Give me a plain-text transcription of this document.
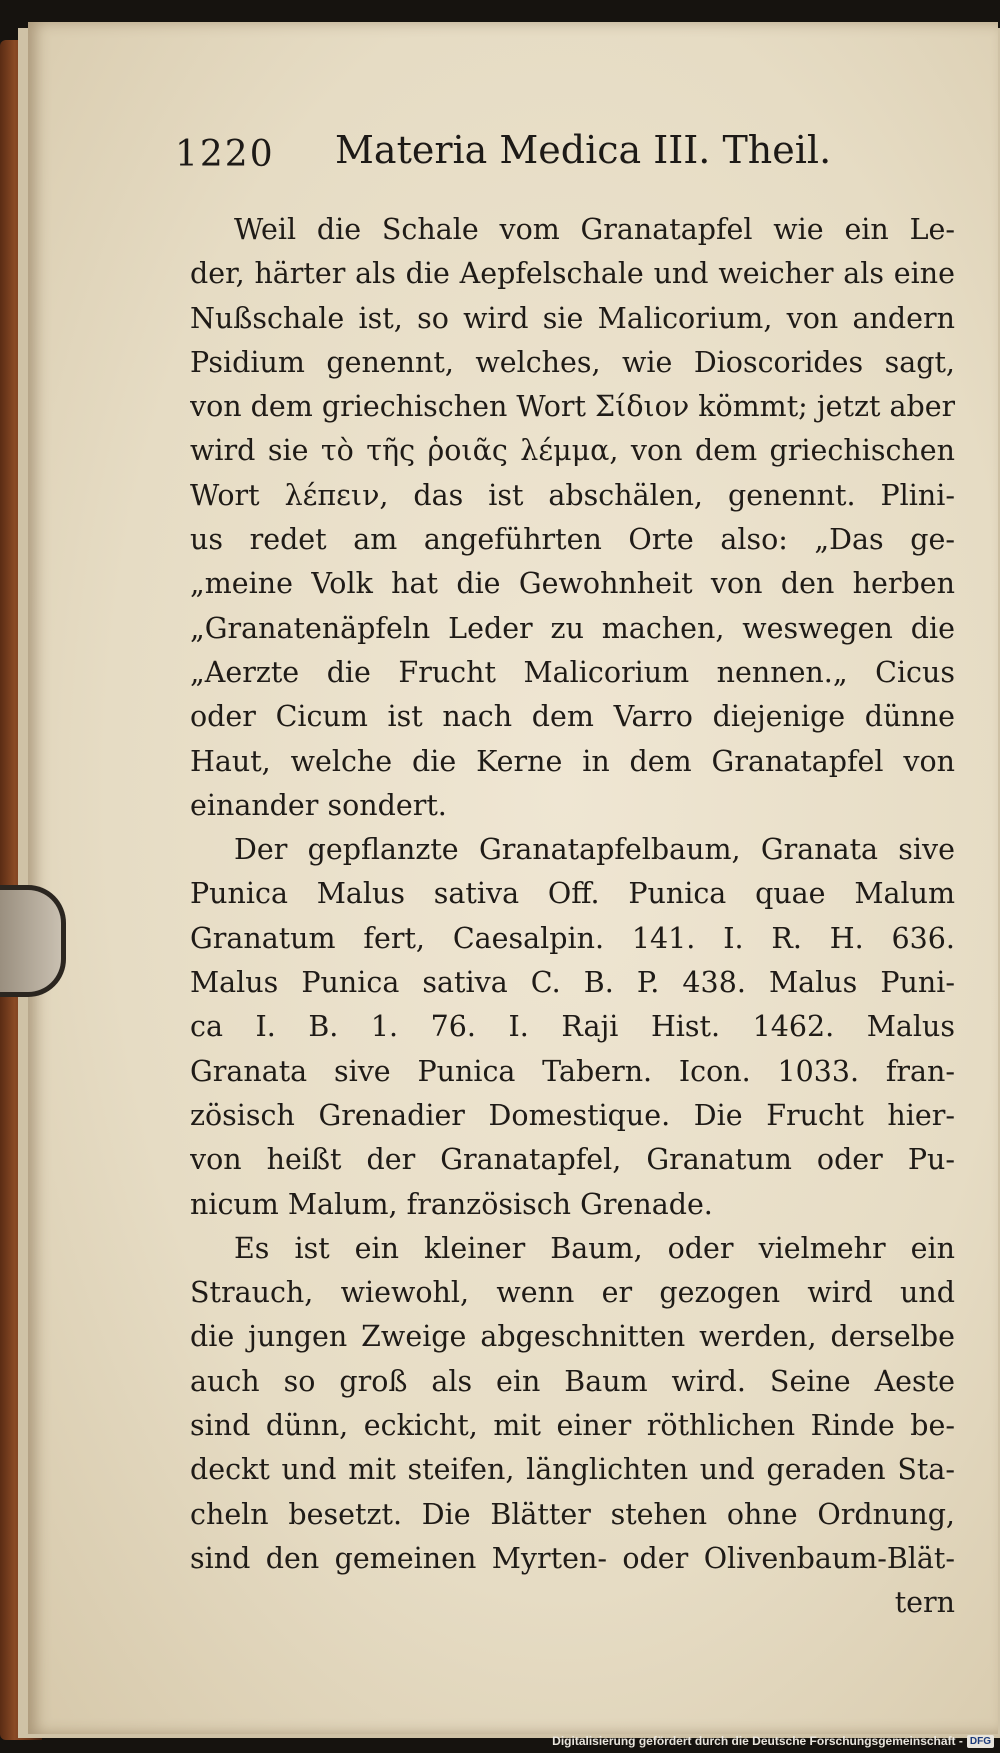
1220 Materia Medica III. Theil.
Weil die Schale vom Granatapfel wie ein Le-
der, härter als die Aepfelschale und weicher als eine
Nußschale ist, so wird sie Malicorium, von andern
Psidium genennt, welches, wie Dioscorides sagt,
von dem griechischen Wort Σίδιον kömmt; jetzt aber
wird sie τὸ τῆς ῥοιᾶς λέμμα, von dem griechischen
Wort λέπειν, das ist abschälen, genennt. Plini-
us redet am angeführten Orte also: „Das ge-
„meine Volk hat die Gewohnheit von den herben
„Granatenäpfeln Leder zu machen, weswegen die
„Aerzte die Frucht Malicorium nennen.„ Cicus
oder Cicum ist nach dem Varro diejenige dünne
Haut, welche die Kerne in dem Granatapfel von
einander sondert.
Der gepflanzte Granatapfelbaum, Granata sive
Punica Malus sativa Off. Punica quae Malum
Granatum fert, Caesalpin. 141. I. R. H. 636.
Malus Punica sativa C. B. P. 438. Malus Puni-
ca I. B. 1. 76. I. Raji Hist. 1462. Malus
Granata sive Punica Tabern. Icon. 1033. fran-
zösisch Grenadier Domestique. Die Frucht hier-
von heißt der Granatapfel, Granatum oder Pu-
nicum Malum, französisch Grenade.
Es ist ein kleiner Baum, oder vielmehr ein
Strauch, wiewohl, wenn er gezogen wird und
die jungen Zweige abgeschnitten werden, derselbe
auch so groß als ein Baum wird. Seine Aeste
sind dünn, eckicht, mit einer röthlichen Rinde be-
deckt und mit steifen, länglichten und geraden Sta-
cheln besetzt. Die Blätter stehen ohne Ordnung,
sind den gemeinen Myrten- oder Olivenbaum-Blät-
tern
Digitalisierung gefördert durch die Deutsche Forschungsgemeinschaft - DFG
